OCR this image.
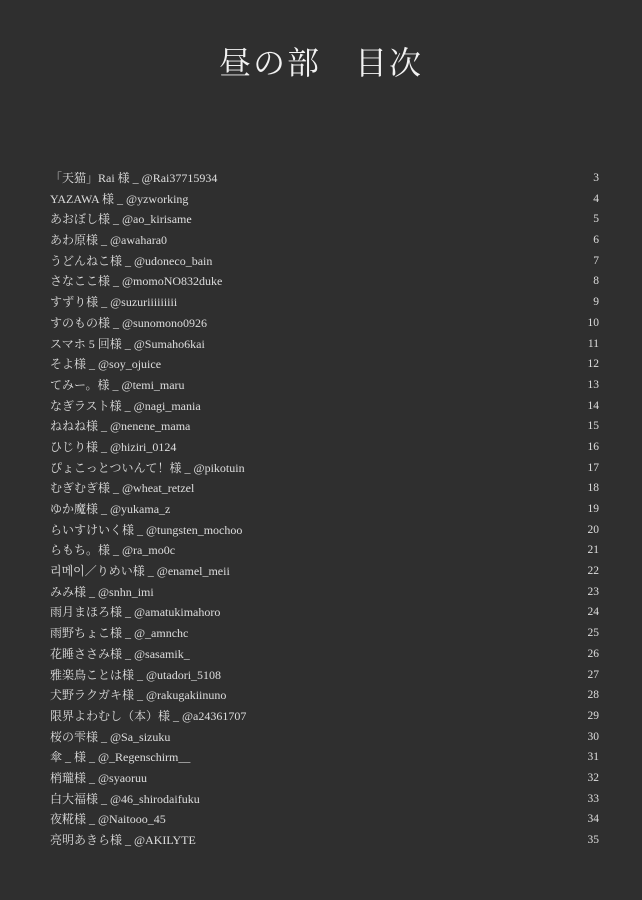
昼の部　目次
「天猫」Rai 様 _ @Rai37715934	3
YAZAWA 様 _ @yzworking	4
あおぼし様 _ @ao_kirisame	5
あわ原様 _ @awahara0	6
うどんねこ様 _ @udoneco_bain	7
さなここ様 _ @momoNO832duke	8
すずり様 _ @suzuriiiiiiiii	9
すのもの様 _ @sunomono0926	10
スマホ 5 回様 _ @Sumaho6kai	11
そよ様 _ @soy_ojuice	12
てみー。様 _ @temi_maru	13
なぎラスト様 _ @nagi_mania	14
ねねね様 _ @nenene_mama	15
ひじり様 _ @hiziri_0124	16
ぴょこっとついんて！様 _ @pikotuin	17
むぎむぎ様 _ @wheat_retzel	18
ゆか魔様 _ @yukama_z	19
らいすけいく様 _ @tungsten_mochoo	20
らもち。様 _ @ra_mo0c	21
리메이／りめい様 _ @enamel_meii	22
みみ様 _ @snhn_imi	23
雨月まほろ様 _ @amatukimahoro	24
雨野ちょこ様 _ @_amnchc	25
花睡ささみ様 _ @sasamik_	26
雅楽鳥ことは様 _ @utadori_5108	27
犬野ラクガキ様 _ @rakugakiinuno	28
限界よわむし（本）様 _ @a24361707	29
桜の雫様 _ @Sa_sizuku	30
傘 _ 様 _ @_Regenschirm__	31
梢瓏様 _ @syaoruu	32
白大福様 _ @46_shirodaifuku	33
夜糀様 _ @Naitooo_45	34
亮明あきら様 _ @AKILYTE	35
